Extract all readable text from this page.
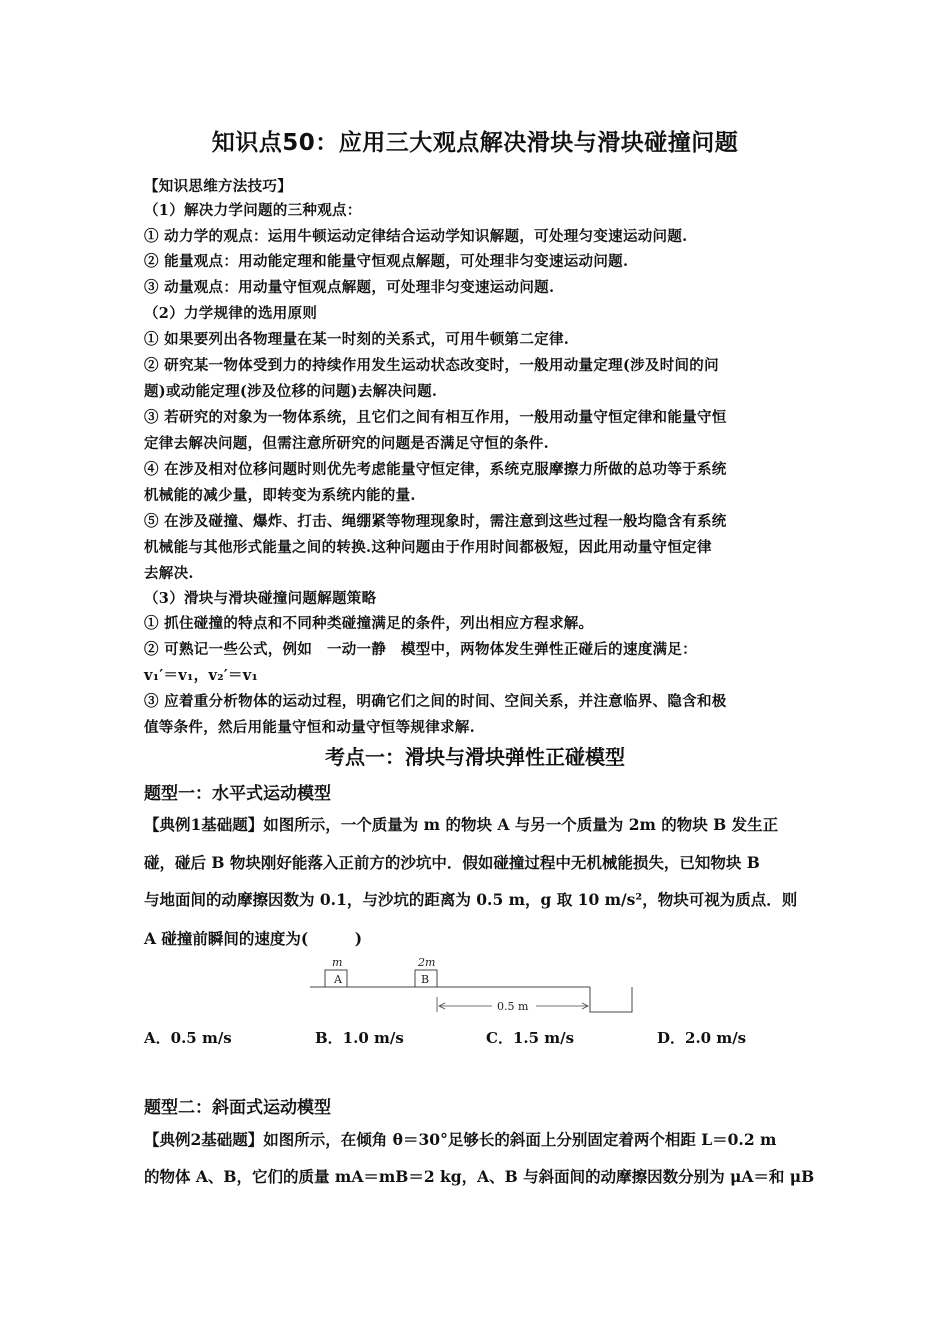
知识点50：应用三大观点解决滑块与滑块碰撞问题
【知识思维方法技巧】
（1）解决力学问题的三种观点：
① 动力学的观点：运用牛顿运动定律结合运动学知识解题，可处理匀变速运动问题.
② 能量观点：用动能定理和能量守恒观点解题，可处理非匀变速运动问题.
③ 动量观点：用动量守恒观点解题，可处理非匀变速运动问题.
（2）力学规律的选用原则
① 如果要列出各物理量在某一时刻的关系式，可用牛顿第二定律.
② 研究某一物体受到力的持续作用发生运动状态改变时，一般用动量定理(涉及时间的问
题)或动能定理(涉及位移的问题)去解决问题.
③ 若研究的对象为一物体系统，且它们之间有相互作用，一般用动量守恒定律和能量守恒
定律去解决问题，但需注意所研究的问题是否满足守恒的条件.
④ 在涉及相对位移问题时则优先考虑能量守恒定律，系统克服摩擦力所做的总功等于系统
机械能的减少量，即转变为系统内能的量.
⑤ 在涉及碰撞、爆炸、打击、绳绷紧等物理现象时，需注意到这些过程一般均隐含有系统
机械能与其他形式能量之间的转换.这种问题由于作用时间都极短，因此用动量守恒定律
去解决.
（3）滑块与滑块碰撞问题解题策略
① 抓住碰撞的特点和不同种类碰撞满足的条件，列出相应方程求解。
② 可熟记一些公式，例如　一动一静　模型中，两物体发生弹性正碰后的速度满足：
v₁′＝v₁，v₂′＝v₁
③ 应着重分析物体的运动过程，明确它们之间的时间、空间关系，并注意临界、隐含和极
值等条件，然后用能量守恒和动量守恒等规律求解.
考点一：滑块与滑块弹性正碰模型
题型一：水平式运动模型
【典例1基础题】如图所示，一个质量为 m 的物块 A 与另一个质量为 2m 的物块 B 发生正
碰，碰后 B 物块刚好能落入正前方的沙坑中．假如碰撞过程中无机械能损失，已知物块 B
与地面间的动摩擦因数为 0.1，与沙坑的距离为 0.5 m，g 取 10 m/s²，物块可视为质点．则
A 碰撞前瞬间的速度为(　　　)
m	2m
A	B
0.5 m
A．0.5 m/s	B．1.0 m/s	C．1.5 m/s	D．2.0 m/s
题型二：斜面式运动模型
【典例2基础题】如图所示，在倾角 θ＝30°足够长的斜面上分别固定着两个相距 L＝0.2 m
的物体 A、B，它们的质量 mA＝mB＝2 kg，A、B 与斜面间的动摩擦因数分别为 μA＝和 μB
